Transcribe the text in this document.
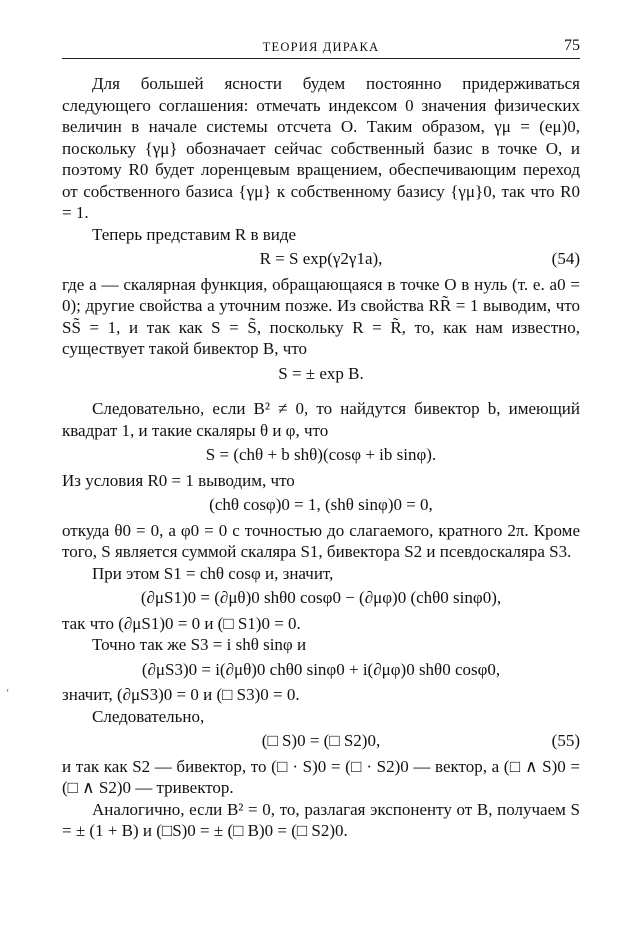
ТЕОРИЯ ДИРАКА	75

Для большей ясности будем постоянно придерживаться следующего соглашения: отмечать индексом 0 значения физических величин в начале системы отсчета O. Таким образом, γμ = (eμ)0, поскольку {γμ} обозначает сейчас собственный базис в точке O, и поэтому R0 будет лоренцевым вращением, обеспечивающим переход от собственного базиса {γμ} к собственному базису {γμ}0, так что R0 = 1.

Теперь представим R в виде

R = S exp(γ2γ1a),	(54)

где a — скалярная функция, обращающаяся в точке O в нуль (т. е. a0 = 0); другие свойства a уточним позже. Из свойства RR̃ = 1 выводим, что SS̃ = 1, и так как S = S̃, поскольку R = R̃, то, как нам известно, существует такой бивектор B, что

S = ± exp B.

Следовательно, если B² ≠ 0, то найдутся бивектор b, имеющий квадрат 1, и такие скаляры θ и φ, что

S = (chθ + b shθ)(cosφ + ib sinφ).

Из условия R0 = 1 выводим, что

(chθ cosφ)0 = 1, (shθ sinφ)0 = 0,

откуда θ0 = 0, а φ0 = 0 с точностью до слагаемого, кратного 2π. Кроме того, S является суммой скаляра S1, бивектора S2 и псевдоскаляра S3.

При этом S1 = chθ cosφ и, значит,

(∂μS1)0 = (∂μθ)0 shθ0 cosφ0 − (∂μφ)0 (chθ0 sinφ0),

так что (∂μS1)0 = 0 и (□ S1)0 = 0.

Точно так же S3 = i shθ sinφ и

(∂μS3)0 = i(∂μθ)0 chθ0 sinφ0 + i(∂μφ)0 shθ0 cosφ0,

значит, (∂μS3)0 = 0 и (□ S3)0 = 0.

Следовательно,

(□ S)0 = (□ S2)0,	(55)

и так как S2 — бивектор, то (□ · S)0 = (□ · S2)0 — вектор, а (□ ∧ S)0 = (□ ∧ S2)0 — тривектор.

Аналогично, если B² = 0, то, разлагая экспоненту от B, получаем S = ± (1 + B) и (□S)0 = ± (□ B)0 = (□ S2)0.

ʻ
